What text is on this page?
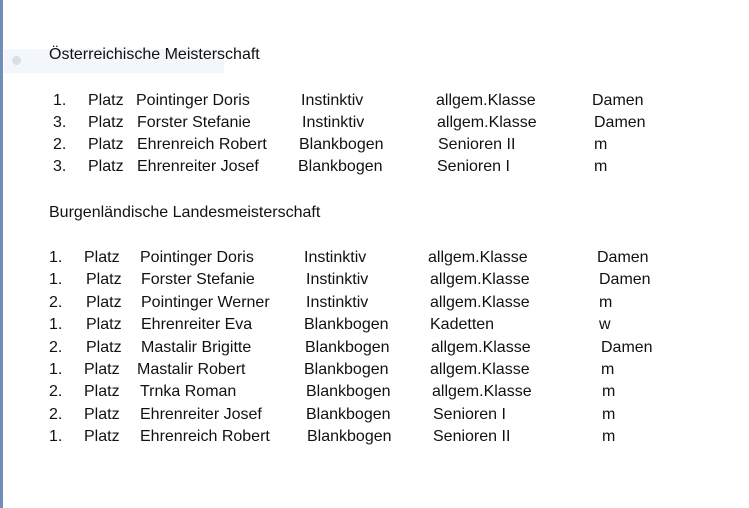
Österreichische Meisterschaft
1. Platz Pointinger Doris	Instinktiv	allgem.Klasse	Damen
3. Platz Forster Stefanie	Instinktiv	allgem.Klasse	Damen
2. Platz Ehrenreich Robert Blankbogen	Senioren II	m
3. Platz Ehrenreiter Josef Blankbogen	Senioren I	m
Burgenländische Landesmeisterschaft
1. Platz Pointinger Doris	Instinktiv	allgem.Klasse	Damen
1. Platz Forster Stefanie	Instinktiv	allgem.Klasse	Damen
2. Platz Pointinger Werner Instinktiv	allgem.Klasse	m
1. Platz Ehrenreiter Eva	Blankbogen	Kadetten	w
2. Platz Mastalir Brigitte	Blankbogen	allgem.Klasse	Damen
1. Platz Mastalir Robert	Blankbogen	allgem.Klasse	m
2. Platz Trnka Roman	Blankbogen	allgem.Klasse	m
2. Platz Ehrenreiter Josef	Blankbogen	Senioren I	m
1. Platz Ehrenreich Robert Blankbogen	Senioren II	m
